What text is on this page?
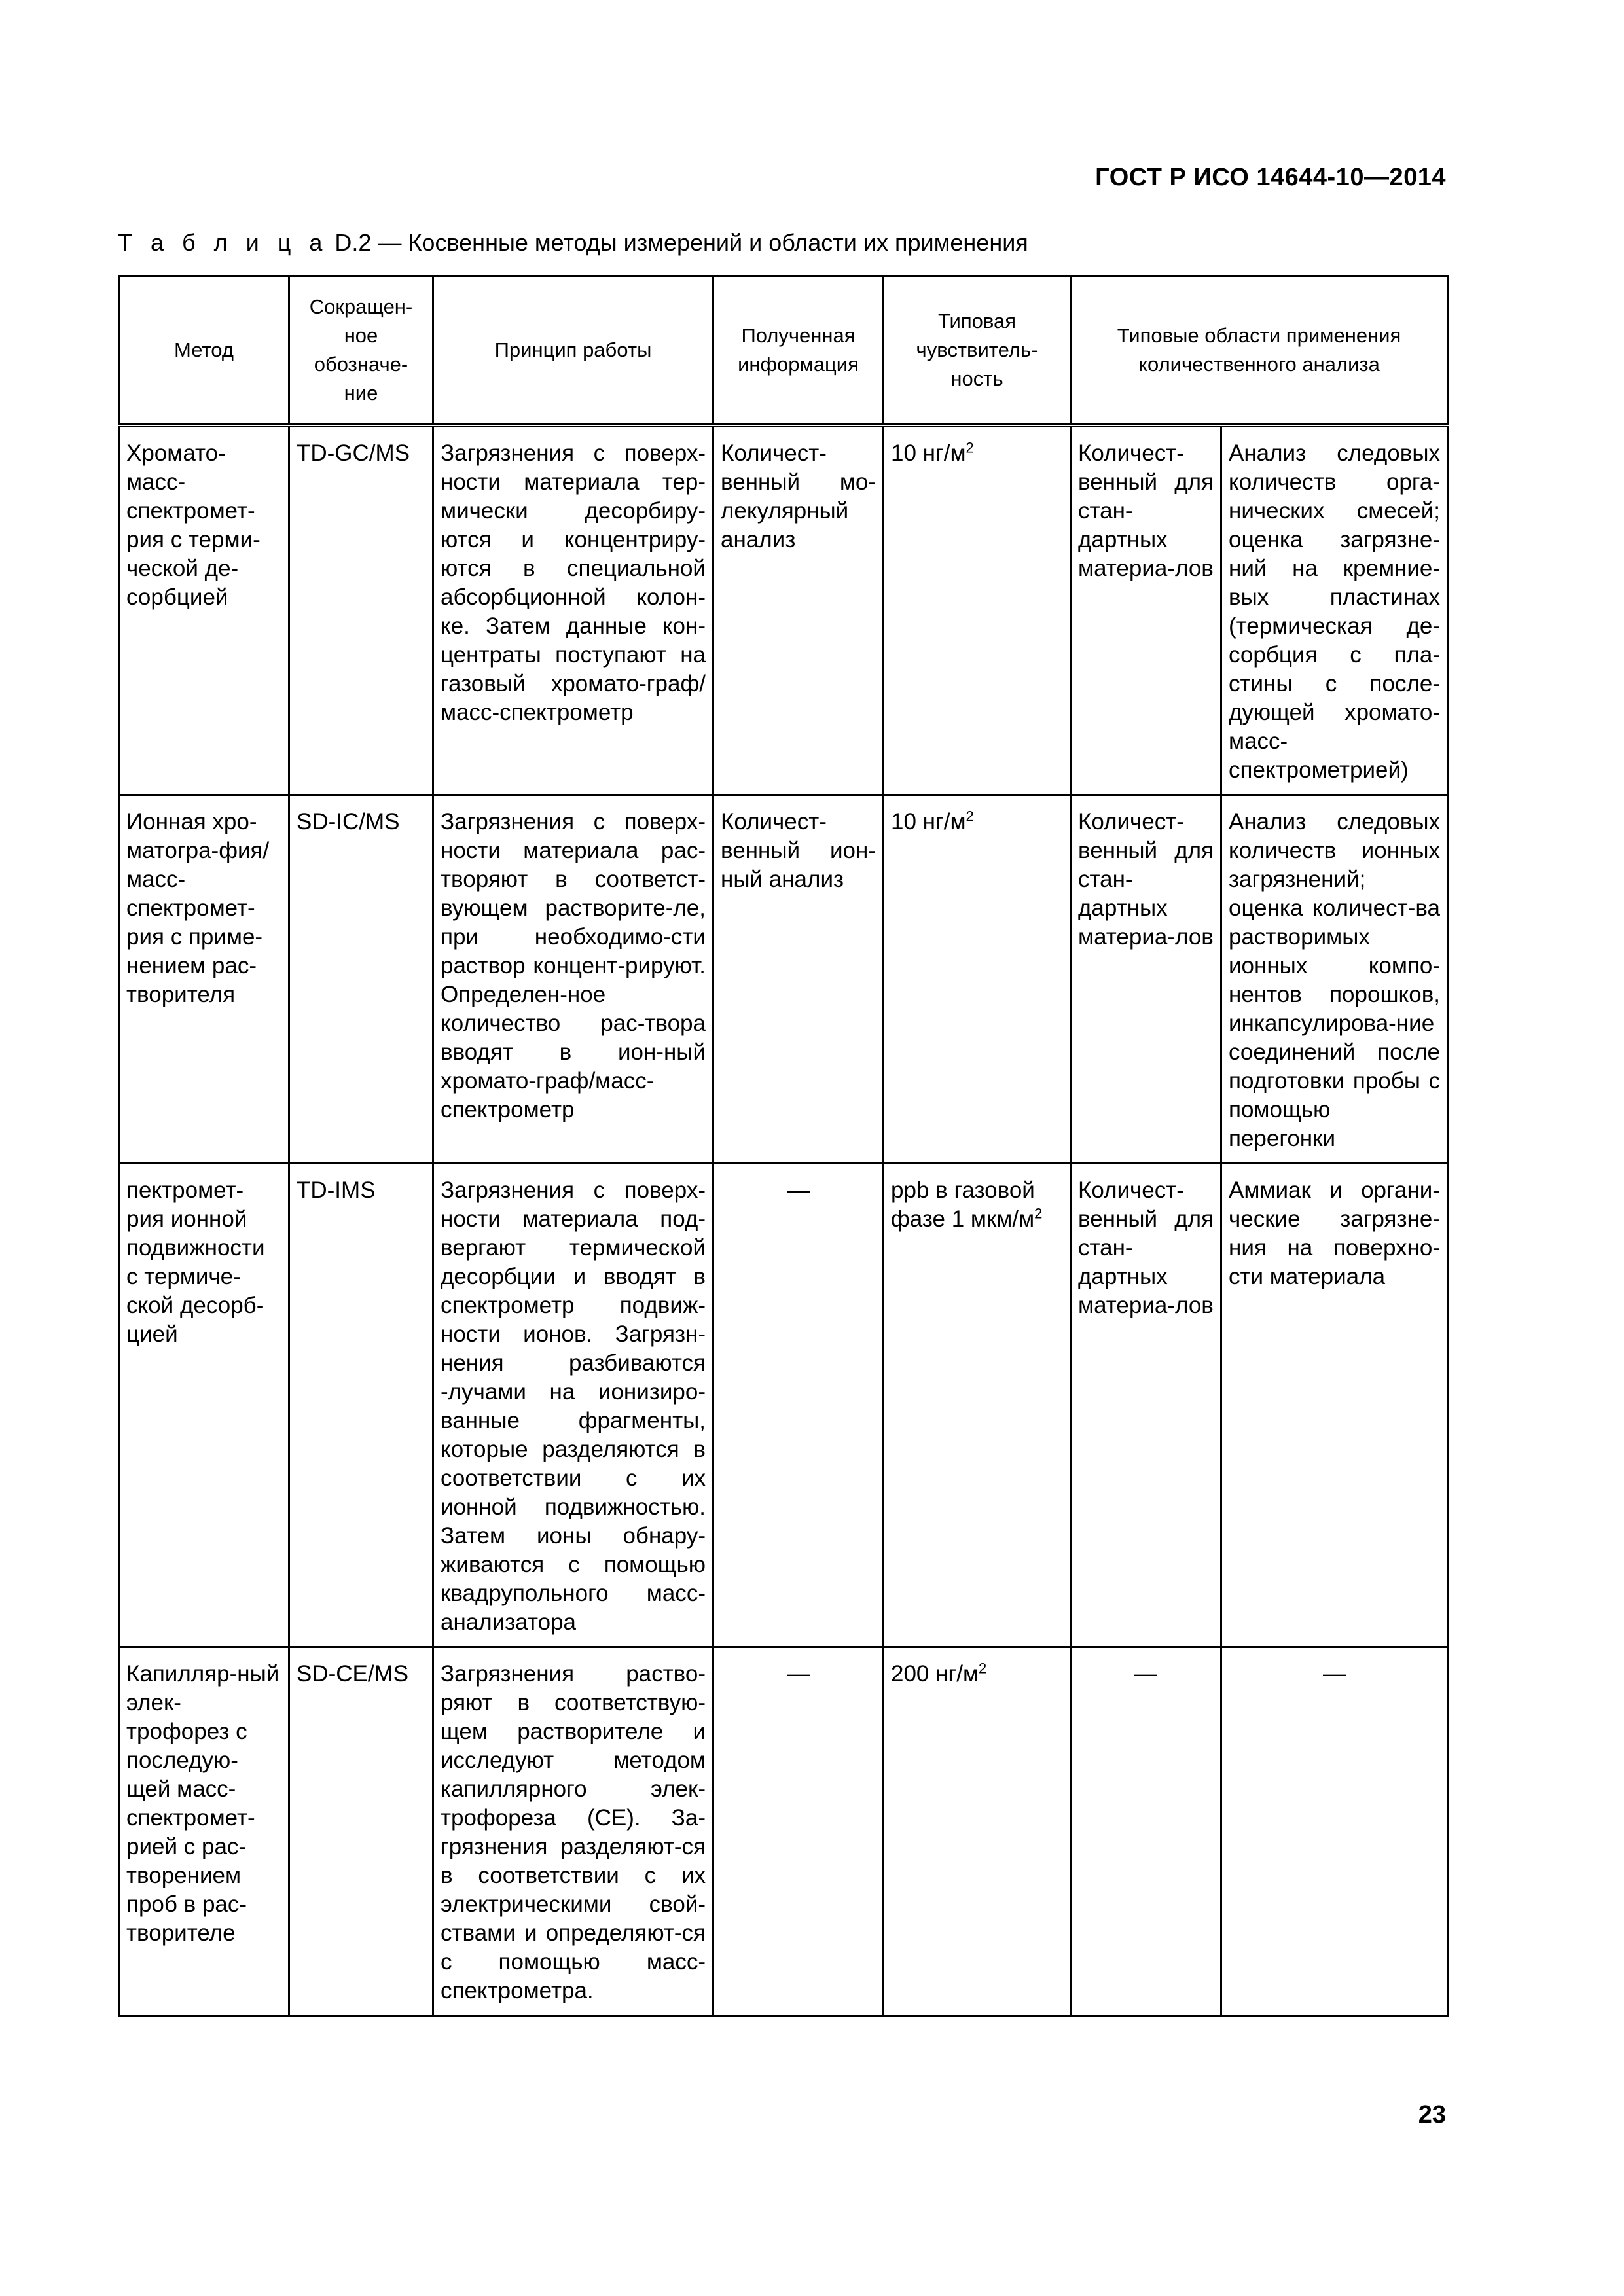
ГОСТ Р ИСО 14644-10—2014
Т а б л и ц а D.2 — Косвенные методы измерений и области их применения
Метод	Сокращен-ное обозначе-ние	Принцип работы	Полученная информация	Типовая чувствитель-ность	Типовые области применения количественного анализа	
Хромато-масс-спектромет-рия с терми-ческой де-сорбцией	TD-GC/MS	Загрязнения с поверх-ности материала тер-мически десорбиру-ются и концентриру-ются в специальной абсорбционной колон-ке. Затем данные кон-центраты поступают на газовый хромато-граф/масс-спектрометр	Количест-венный мо-лекулярный анализ	10 $нг/м^2$	Количест-венный для стан-дартных материа-лов	Анализ следовых количеств орга-нических смесей; оценка загрязне-ний на кремние-вых пластинах (термическая де-сорбция с пла-стины с после-дующей хромато-масс-спектрометрией)
Ионная хро-матогра-фия/масс-спектромет-рия с приме-нением рас-творителя	SD-IC/MS	Загрязнения с поверх-ности материала рас-творяют в соответст-вующем растворите-ле, при необходимо-сти раствор концент-рируют. Определен-ное количество рас-твора вводят в ион-ный хромато-граф/масс-спектрометр	Количест-венный ион-ный анализ	10 $нг/м^2$	Количест-венный для стан-дартных материа-лов	Анализ следовых количеств ионных загрязнений; оценка количест-ва растворимых ионных компо-нентов порошков, инкапсулирова-ние соединений после подготовки пробы с помощью перегонки
пектромет-рия ионной подвижности с термиче-ской десорб-цией	TD-IMS	Загрязнения с поверх-ности материала под-вергают термической десорбции и вводят в спектрометр подвиж-ности ионов. Загрязн-нения разбиваются -лучами на ионизиро-ванные фрагменты, которые разделяются в соответствии с их ионной подвижностью. Затем ионы обнару-живаются с помощью квадрупольного масс-анализатора	—	ppb в газовой фазе 1 мкм/$м^2$	Количест-венный для стан-дартных материа-лов	Аммиак и органи-ческие загрязне-ния на поверхно-сти материала
Капилляр-ный элек-трофорез с последую-щей масс-спектромет-рией с рас-творением проб в рас-творителе	SD-CE/MS	Загрязнения раство-ряют в соответствую-щем растворителе и исследуют методом капиллярного элек-трофореза (CE). За-грязнения разделяют-ся в соответствии с их электрическими свой-ствами и определяют-ся с помощью масс-спектрометра.	—	200 $нг/м^2$	—	—
23
